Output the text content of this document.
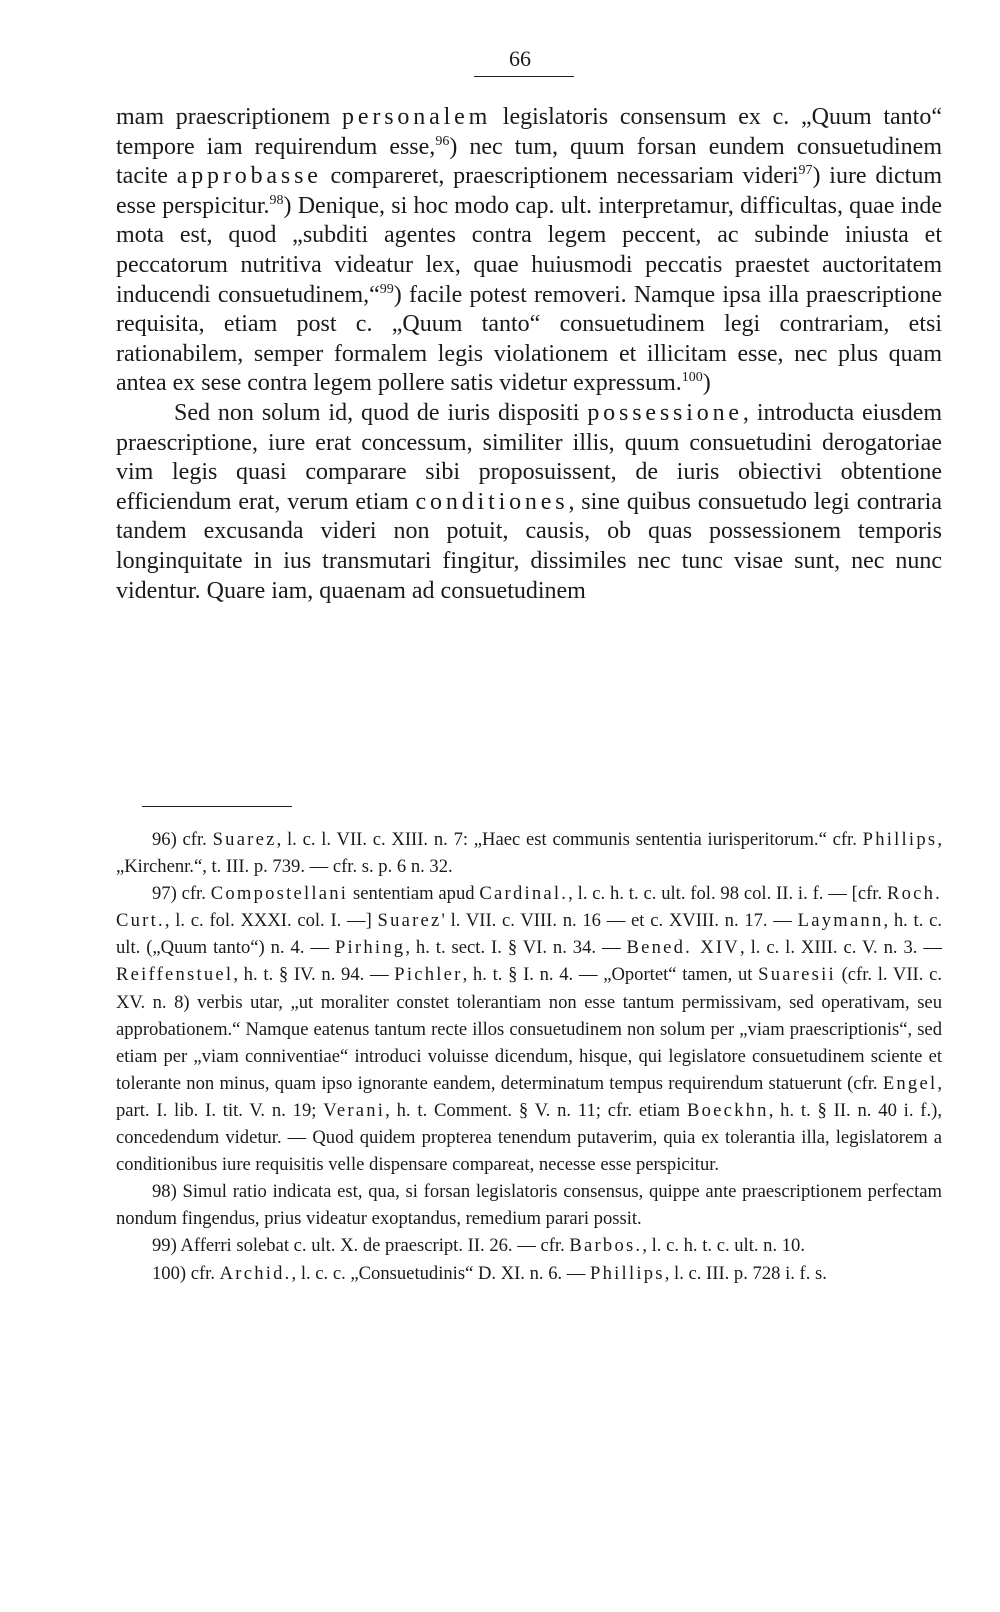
66

mam praescriptionem personalem legislatoris consensum ex c. „Quum tanto“ tempore iam requirendum esse,$^{96}$) nec tum, quum forsan eundem consuetudinem tacite approbasse compareret, praescriptionem necessariam videri$^{97}$) iure dictum esse perspicitur.$^{98}$) Denique, si hoc modo cap. ult. interpretamur, difficultas, quae inde mota est, quod „subditi agentes contra legem peccent, ac subinde iniusta et peccatorum nutritiva videatur lex, quae huiusmodi peccatis praestet auctoritatem inducendi consuetudinem,“$^{99}$) facile potest removeri. Namque ipsa illa praescriptione requisita, etiam post c. „Quum tanto“ consuetudinem legi contrariam, etsi rationabilem, semper formalem legis violationem et illicitam esse, nec plus quam antea ex sese contra legem pollere satis videtur expressum.$^{100}$)

Sed non solum id, quod de iuris dispositi possessione, introducta eiusdem praescriptione, iure erat concessum, similiter illis, quum consuetudini derogatoriae vim legis quasi comparare sibi proposuissent, de iuris obiectivi obtentione efficiendum erat, verum etiam conditiones, sine quibus consuetudo legi contraria tandem excusanda videri non potuit, causis, ob quas possessionem temporis longinquitate in ius transmutari fingitur, dissimiles nec tunc visae sunt, nec nunc videntur. Quare iam, quaenam ad consuetudinem

96) cfr. Suarez, l. c. l. VII. c. XIII. n. 7: „Haec est communis sententia iurisperitorum.“ cfr. Phillips, „Kirchenr.“, t. III. p. 739. — cfr. s. p. 6 n. 32.

97) cfr. Compostellani sententiam apud Cardinal., l. c. h. t. c. ult. fol. 98 col. II. i. f. — [cfr. Roch. Curt., l. c. fol. XXXI. col. I. —] Suarez' l. VII. c. VIII. n. 16 — et c. XVIII. n. 17. — Laymann, h. t. c. ult. („Quum tanto“) n. 4. — Pirhing, h. t. sect. I. § VI. n. 34. — Bened. XIV, l. c. l. XIII. c. V. n. 3. — Reiffenstuel, h. t. § IV. n. 94. — Pichler, h. t. § I. n. 4. — „Oportet“ tamen, ut Suaresii (cfr. l. VII. c. XV. n. 8) verbis utar, „ut moraliter constet tolerantiam non esse tantum permissivam, sed operativam, seu approbationem.“ Namque eatenus tantum recte illos consuetudinem non solum per „viam praescriptionis“, sed etiam per „viam conniventiae“ introduci voluisse dicendum, hisque, qui legislatore consuetudinem sciente et tolerante non minus, quam ipso ignorante eandem, determinatum tempus requirendum statuerunt (cfr. Engel, part. I. lib. I. tit. V. n. 19; Verani, h. t. Comment. § V. n. 11; cfr. etiam Boeckhn, h. t. § II. n. 40 i. f.), concedendum videtur. — Quod quidem propterea tenendum putaverim, quia ex tolerantia illa, legislatorem a conditionibus iure requisitis velle dispensare compareat, necesse esse perspicitur.

98) Simul ratio indicata est, qua, si forsan legislatoris consensus, quippe ante praescriptionem perfectam nondum fingendus, prius videatur exoptandus, remedium parari possit.

99) Afferri solebat c. ult. X. de praescript. II. 26. — cfr. Barbos., l. c. h. t. c. ult. n. 10.

100) cfr. Archid., l. c. c. „Consuetudinis“ D. XI. n. 6. — Phillips, l. c. III. p. 728 i. f. s.
